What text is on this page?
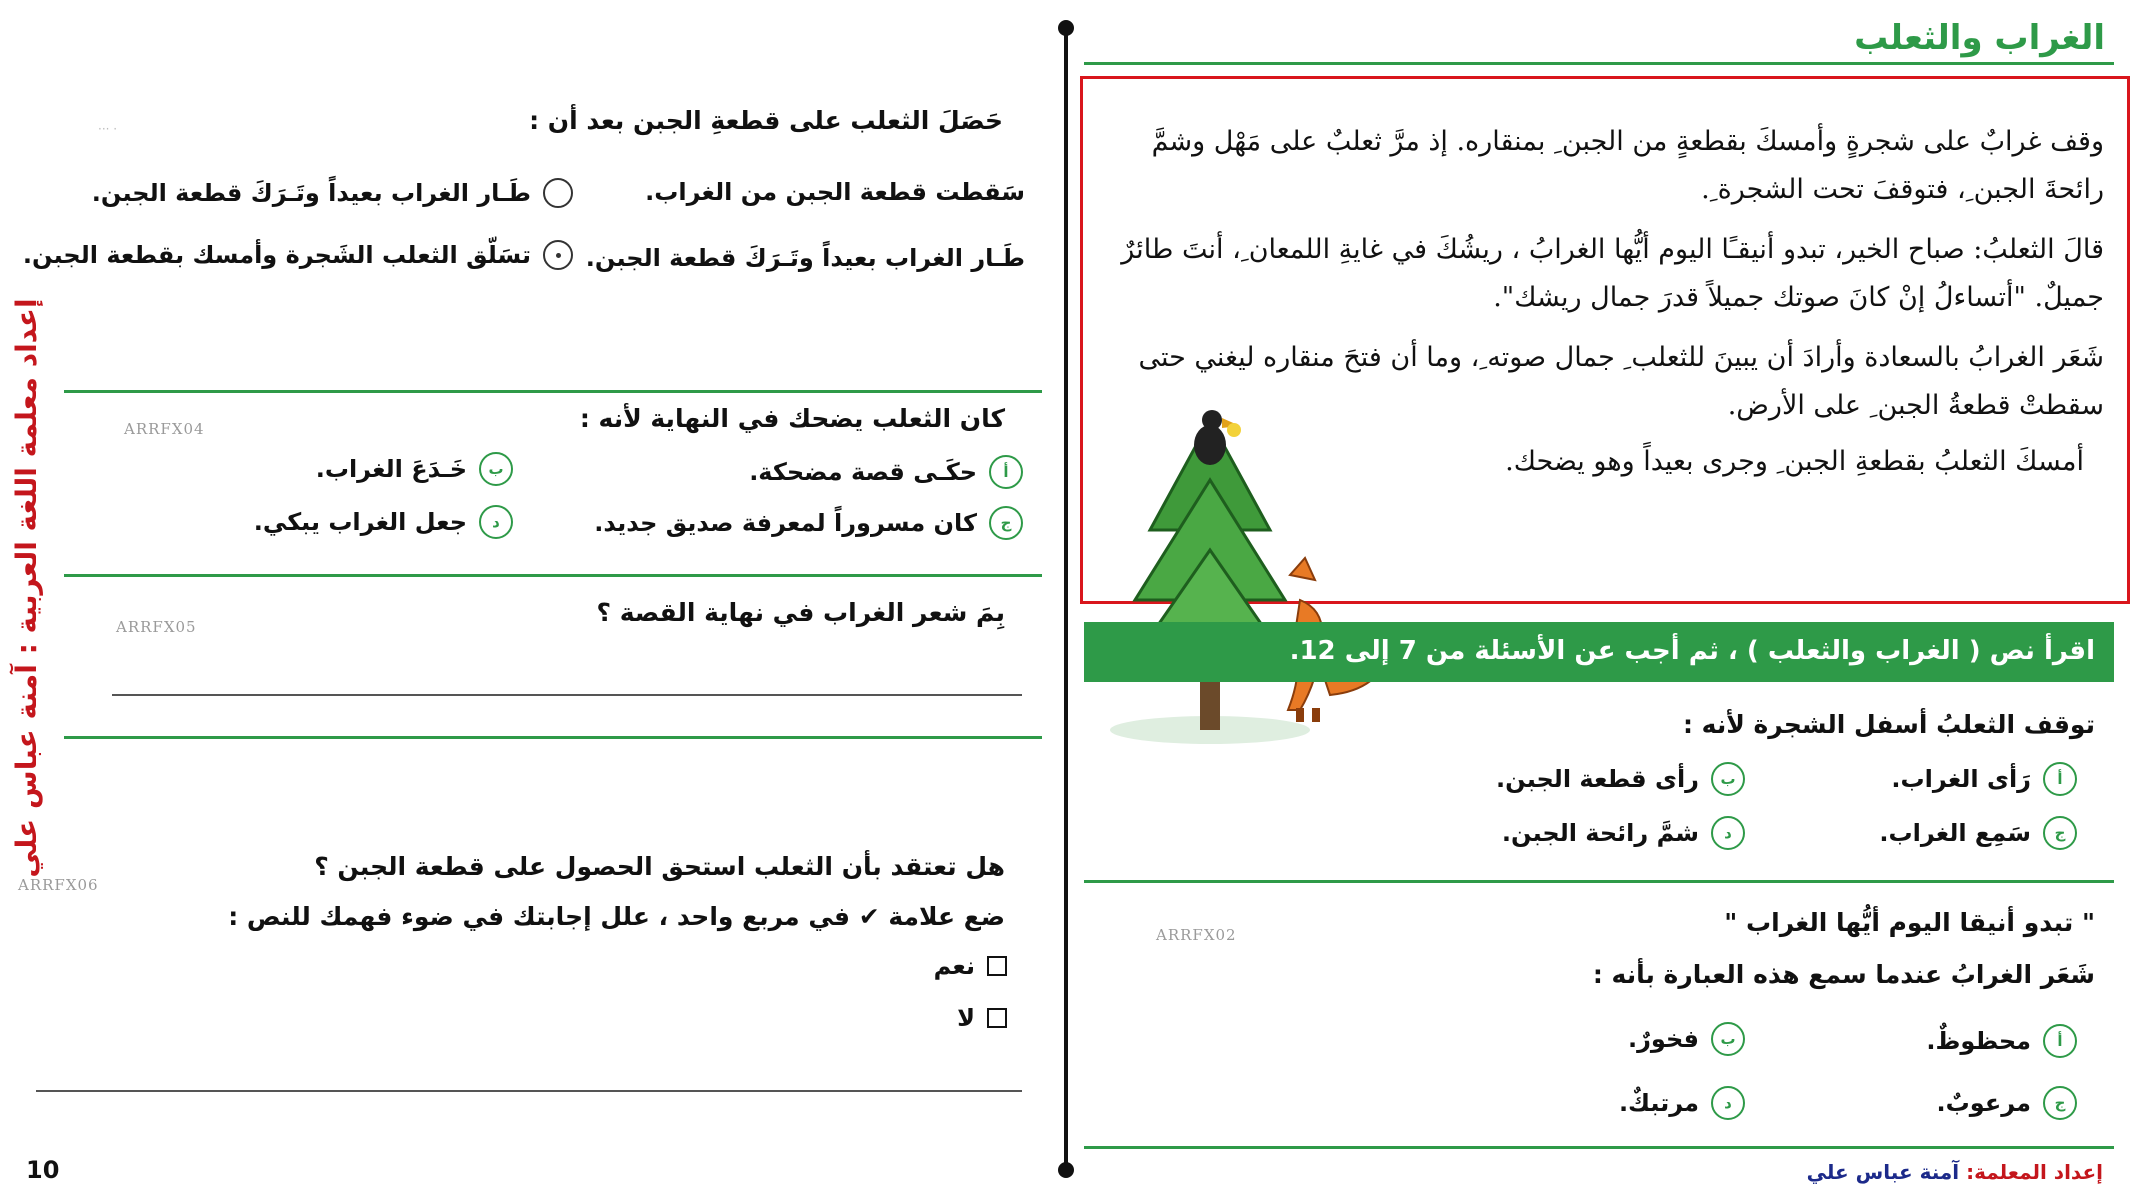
10
إعداد معلمة اللغة العربية : آمنة عباس علي
··· ·	حَصَلَ الثعلب على قطعةِ الجبن بعد أن :
سَقطت قطعة الجبن من الغراب.
طَـار الغراب بعيداً وتَـرَكَ قطعة الجبن.
طَـار الغراب بعيداً وتَـرَكَ قطعة الجبن.
تسَلّق الثعلب الشَجرة وأمسك بقطعة الجبن.
ARRFX04	كان الثعلب يضحك في النهاية لأنه :
أ
حكَـى قصة مضحكة.
ب
خَـدَعَ الغراب.
ج
كان مسروراً لمعرفة صديق جديد.
د
جعل الغراب يبكي.
ARRFX05	بِمَ شعر الغراب في نهاية القصة ؟
ARRFX06
هل تعتقد بأن الثعلب استحق الحصول على قطعة الجبن ؟
ضع علامة ✔ في مربع واحد ، علل إجابتك في ضوء فهمك للنص :
نعم
لا
الغراب والثعلب

وقف غرابٌ على شجرةٍ وأمسكَ بقطعةٍ من الجبن ِ بمنقاره. إذ مرَّ ثعلبٌ على مَهْل وشمَّ رائحةَ الجبن ِ، فتوقفَ تحت الشجرة ِ.

قالَ الثعلبُ: صباح الخير، تبدو أنيقـًا اليوم أيُّها الغرابُ ، ريشُكَ في غايةِ اللمعان ِ، أنتَ طائرٌ جميلٌ. "أتساءلُ إنْ كانَ صوتك جميلاً قدرَ جمال ريشك".

شَعَر الغرابُ بالسعادة وأرادَ أن يبينَ للثعلب ِ جمال صوته ِ، وما أن فتحَ منقاره ليغني حتى سقطتْ قطعةُ الجبن ِ على الأرض.

أمسكَ الثعلبُ بقطعةِ الجبن ِ وجرى بعيداً وهو يضحك.

اقرأ نص ( الغراب والثعلب ) ، ثم أجب عن الأسئلة من 7 إلى 12.
توقف الثعلبُ أسفل الشجرة لأنه :
أ
رَأى الغراب.
ب
رأى قطعة الجبن.
ج
سَمِع الغراب.
د
شمَّ رائحة الجبن.
ARRFX02	" تبدو أنيقا اليوم أيُّها الغراب "
شَعَر الغرابُ عندما سمع هذه العبارة بأنه :
أ
محظوظٌ.
ب
فخورٌ.
ج
مرعوبٌ.
د
مرتبكٌ.
إعداد المعلمة: آمنة عباس علي
